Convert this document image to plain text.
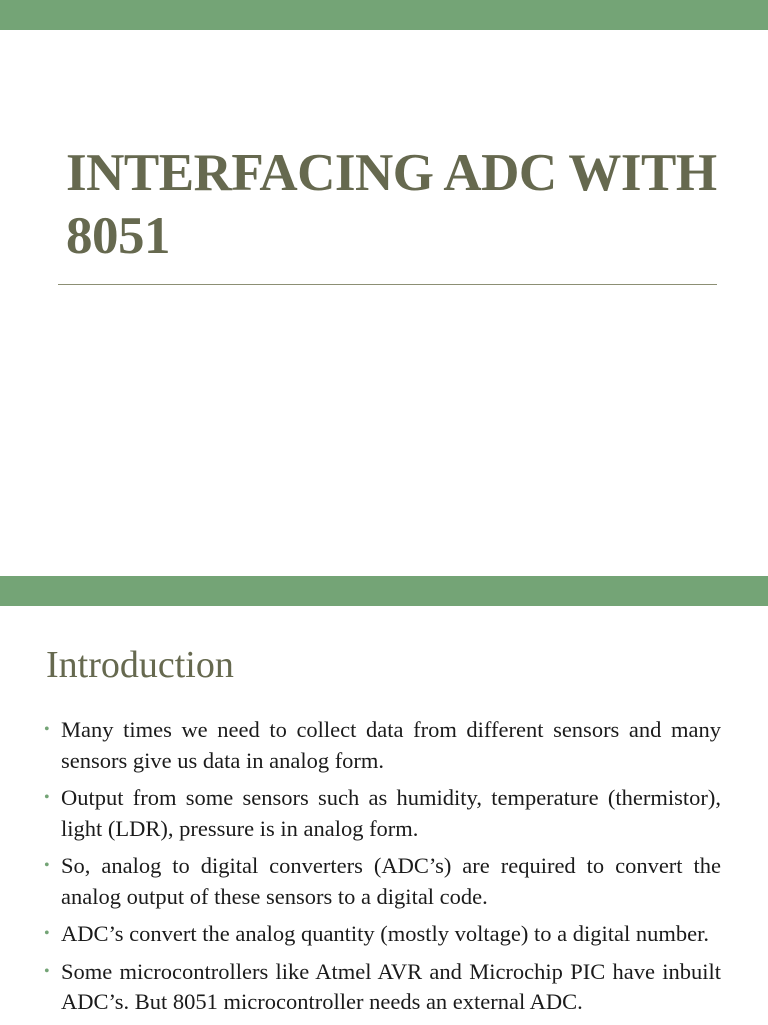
INTERFACING ADC WITH 8051
Introduction
• Many times we need to collect data from different sensors and many sensors give us data in analog form.
• Output from some sensors such as humidity, temperature (thermistor), light (LDR), pressure is in analog form.
• So, analog to digital converters (ADC’s) are required to convert the analog output of these sensors to a digital code.
• ADC’s convert the analog quantity (mostly voltage) to a digital number.
• Some microcontrollers like Atmel AVR and Microchip PIC have inbuilt ADC’s. But 8051 microcontroller needs an external ADC.
